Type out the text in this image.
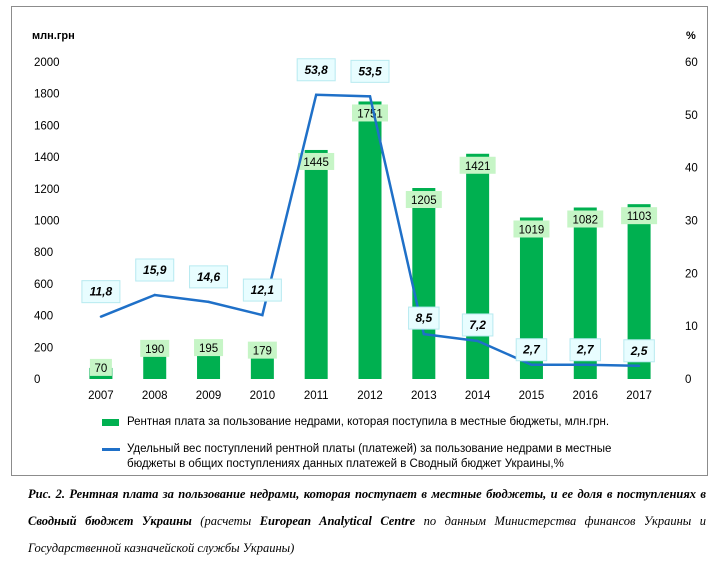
млн.грн	%
0
200
400
600
800
1000
1200
1400
1600
1800
2000
0
10
20
30
40
50
60
70
190	195	179
1445
1751
1205
1421
1019
1082 1103
11,8
15,9	14,6
12,1
53,8	53,5
8,5	7,2
2,7	2,7	2,5
2007 2008 2009 2010 2011 2012 2013 2014 2015 2016 2017
Рентная плата за пользование недрами, которая поступила в местные бюджеты, млн.грн.
Удельный вес поступлений рентной платы (платежей) за пользование недрами в местные
бюджеты в общих поступлениях данных платежей в Сводный бюджет Украины,%
Рис. 2. Рентная плата за пользование недрами, которая поступает в местные бюджеты, и ее доля в поступлениях в Сводный бюджет Украины (расчеты European Analytical Centre по данным Министерства финансов Украины и Государственной казначейской службы Украины)
